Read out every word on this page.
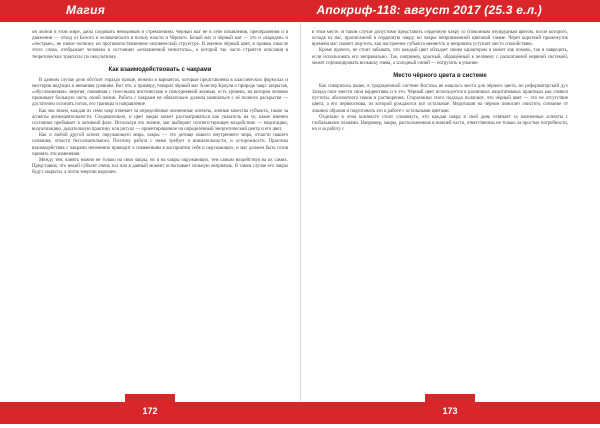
Магия	Апокриф-118: август 2017 (25.3 е.л.)

он любой в этом мире, дабы следовать неведомым и стремлениям. Чёрный маг не в себе избавления, преображения и в движении — отход от Белого и человеческого в пользу власти и Чёрного. Белый маг и чёрный маг — это и «чародеи» и «пестрые», не иначе полному он противопоставлением человеческой структуре. И именно чёрный цвет, в правом смысле этого слова, отображает человека в состоянии «оплавленной нечистоты», о которой так часто строятся описания в теоретических трактатах по оккультизму.

Как взаимодействовать с чакрами

В данном случае дело обстоит гораздо проще, нежели в вариантах, которые представлены в классических формулах и мистерии ведущих к внешним уровням. Вот что, к примеру, говорил чёрный маг Алистер Кроули о природе чакр: закрытая, «обусловленная» энергия, связанная с телесными инстинктами и повседневной жизнью, есть уровень, на котором человек проживает большую часть своей жизни. Работа с чакрами не обязательно должна начинаться с её полного раскрытия — достаточно осознать поток, его границы и направление.

Как мы знаем, каждая из семи чакр отвечает за определённые жизненные аспекты, личные качества субъекта, также за аспекты жизнедеятельности. Следовательно, и цвет чакры может рассматриваться как указатель на то, какое именно состояние пребывает в активной фазе. Используя это знание, маг выбирает соответствующее воздействие — медитацию, визуализацию, дыхательную практику или ритуал — ориентированное на определённый энергетический центр и его цвет.

Как и любой другой аспект окружающего мира, чакры — это детище нашего внутреннего мира, отчасти нашего сознания, отчасти бессознательного. Поэтому работа с ними требует и внимательности, и осторожности. Практика взаимодействия с чакрами неизменно приводит к изменениям в восприятии себя и окружающих, и маг должен быть готов принять эти изменения.

Между тем, влиять можно не только на свои чакры, но и на чакры окружающих, тем самым воздействуя на их самих. Представим, что некий субъект очень зол или в данный момент испытывает сильную неприязнь. В таком случае его чакры будут закрыты, а поток энергии нарушен.

в этом месте. В таком случае допустимо представить сердечную чакру со спокойным изумрудным цветом, после которого, исходя из нас, прописанной в сердечную чакру, но чакры неприязненной цветовой гамме. Через короткий промежуток времени маг сможет ощутить, как настроение субъекта меняется, и неприязнь уступает место спокойствию.

Кроме прочего, не стоит забывать, что каждый цвет обладает своим характером и может как помочь, так и навредить, если использовать его неправильно. Так, например, красный, обращённый к человеку с расшатанной нервной системой, может спровоцировать вспышку гнева, а холодный синий — погрузить в уныние.

Место чёрного цвета в системе

Как говорилось выше, в традиционной системе Востока не нашлось места для чёрного цвета, но реформаторский дух Запада смог внести свои коррективы и в это. Чёрный цвет используется в различных медитативных практиках как символ пустоты, абсолютного покоя и растворения. Сторонники этого подхода полагают, что чёрный цвет — это не отсутствие цвета, а его первооснова, из которой рождаются все остальные. Медитация на чёрном помогает очистить сознание от лишних образов и подготовить его к работе с остальными цветами.

Отдельно в этом контексте стоит упомянуть, что каждая чакра в свой день отвечает за жизненные аспекты с глобальными планами. Например, чакры, расположенные в нижней части, ответственны не только за простые потребности, но и за работу с

172	173
